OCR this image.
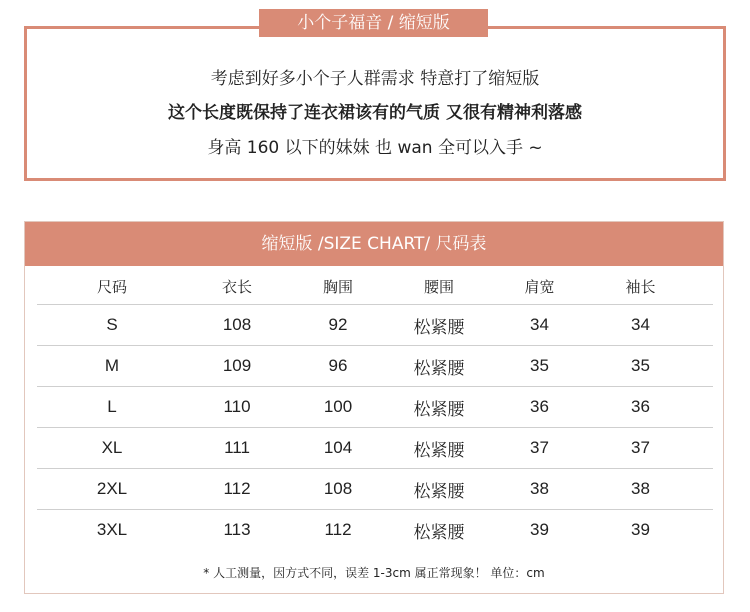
小个子福音 / 缩短版
考虑到好多小个子人群需求 特意打了缩短版
这个长度既保持了连衣裙该有的气质 又很有精神利落感
身高 160 以下的妹妹 也 wan 全可以入手 ~
缩短版 /SIZE CHART/ 尺码表
尺码	衣长	胸围	腰围	肩宽	袖长	
S	108	92	松紧腰	34	34	
M	109	96	松紧腰	35	35	
L	110	100	松紧腰	36	36	
XL	111	104	松紧腰	37	37	
2XL	112	108	松紧腰	38	38	
3XL	113	112	松紧腰	39	39	
* 人工测量，因方式不同，误差 1-3cm 属正常现象！ 单位：cm
